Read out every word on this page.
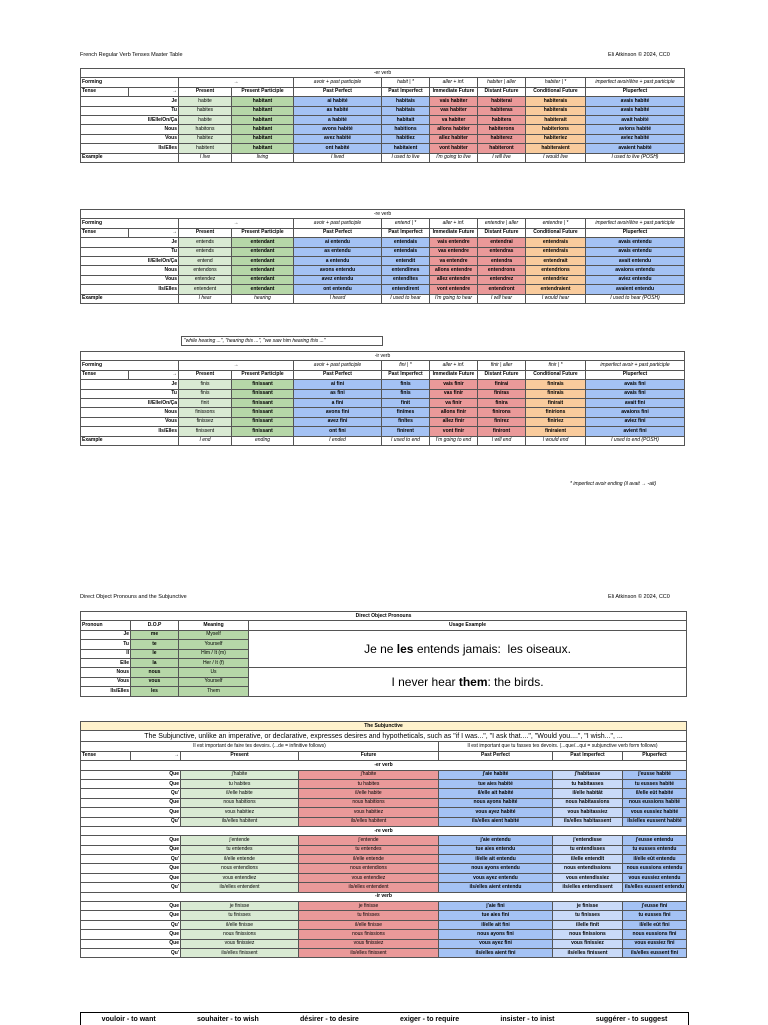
French Regular Verb Tenses Master Table	Eli Atkinson © 2024, CC0
-er verb									
Forming		→		avoir + past participle	habit | *	aller + inf.	habiter | aller	habiter | *	imperfect avoir/être + past participle
Tense	→	Present	Present Participle	Past Perfect	Past Imperfect	Immediate Future	Distant Future	Conditional Future	Pluperfect
Je		habite	habitant	ai habité	habitais	vais habiter	habiterai	habiterais	avais habité
Tu		habites	habitant	as habité	habitais	vas habiter	habiteras	habiterais	avais habité
Il/Elle/On/Ça		habite	habitant	a habité	habitait	va habiter	habitera	habiterait	avait habité
Nous		habitons	habitant	avons habité	habitions	allons habiter	habiterons	habiterions	avions habité
Vous		habitez	habitant	avez habité	habitiez	allez habiter	habiterez	habiteriez	aviez habité
Ils/Elles		habitent	habitant	ont habité	habitaient	vont habiter	habiteront	habiteraient	avaient habité
Example		I live	living	I lived	I used to live	I'm going to live	I will live	I would live	I used to live (POSH)
-re verb									
Forming		→		avoir + past participle	entend | *	aller + inf.	entendre | aller	entendre | *	imperfect avoir/être + past participle
Tense	→	Present	Present Participle	Past Perfect	Past Imperfect	Immediate Future	Distant Future	Conditional Future	Pluperfect
Je		entends	entendant	ai entendu	entendais	vais entendre	entendrai	entendrais	avais entendu
Tu		entends	entendant	as entendu	entendais	vas entendre	entendras	entendrais	avais entendu
Il/Elle/On/Ça		entend	entendant	a entendu	entendit	va entendre	entendra	entendrait	avait entendu
Nous		entendons	entendant	avons entendu	entendîmes	allons entendre	entendrons	entendrions	avaions entendu
Vous		entendez	entendant	avez entendu	entendîtes	allez entendre	entendrez	entendriez	aviez entendu
Ils/Elles		entendent	entendant	ont entendu	entendirent	vont entendre	entendront	entendraient	avaient entendu
Example		I hear	hearing	I heard	I used to hear	I'm going to hear	I will hear	I would hear	I used to hear (POSH)
-ir verb									
Forming		→		avoir + past participle	fini | *	aller + inf.	finir | aller	finir | *	imperfect avoir + past participle
Tense	→	Present	Present Participle	Past Perfect	Past Imperfect	Immediate Future	Distant Future	Conditional Future	Pluperfect
Je		finis	finissant	ai fini	finis	vais finir	finirai	finirais	avais fini
Tu		finis	finissant	as fini	finis	vas finir	finiras	finirais	avais fini
Il/Elle/On/Ça		finit	finissant	a fini	finit	va finir	finira	finirait	avait fini
Nous		finissons	finissant	avons fini	finîmes	allons finir	finirons	finirions	avaions fini
Vous		finissez	finissant	avez fini	finîtes	allez finir	finirez	finiriez	aviez fini
Ils/Elles		finissent	finissant	ont fini	finirent	vont finir	finiront	finiraient	avient fini
Example		I end	ending	I ended	I used to end	I'm going to end	I will end	I would end	I used to end (POSH)
"while hearing ...", "hearing this ...", "we saw him hearing this ..."
* imperfect avoir ending (il avait → -ait)
Direct Object Pronouns and the Subjunctive	Eli Atkinson © 2024, CC0
Direct Object Pronouns			
Pronoun	D.O.P	Meaning	Usage Example
Je	me	Myself	Je ne les entends jamais:  les oiseaux.
Tu	te	Yourself	
Il	le	Him / It (m)	
Elle	la	Her / It (f)	
Nous	nous	Us	I never hear them: the birds.
Vous	vous	Yourself	
Ils/Elles	les	Them	
The Subjunctive						
The Subjunctive, unlike an imperative, or declarative, expresses desires and hypotheticals, such as "if I was...", "I ask that....", "Would you....", "I wish...", ...						
Il est important de faire tes devoirs. (...de = infinitive follows)				Il est important que tu fasses tes devoirs. (...que/...qui = subjunctive verb form follows)		
Tense	→	Present	Future	Past Perfect	Past Imperfect	Pluperfect
-er verb						
Que		j'habite	j'habite	j'aie habité	j'habitasse	j'eusse habité
Que		tu habites	tu habites	tue aies habité	tu habitasses	tu eusses habité
Qu'		il/elle habite	il/elle habite	il/elle ait habité	il/elle habitât	il/elle eût habité
Que		nous habitions	nous habitions	nous ayons habité	nous habitassions	nous eussions habité
Que		vous habitiez	vous habitiez	vous ayez habité	vous habitassiez	vous eussiez habité
Qu'		ils/elles habitent	ils/elles habitent	ils/elles aient habité	ils/elles habitassent	ils/elles eussent habité
-re verb						
Que		j'entende	j'entende	j'aie entendu	j'entendisse	j'eusse entendu
Que		tu entendes	tu entendes	tue aies entendu	tu entendisses	tu eusses entendu
Qu'		il/elle entende	il/elle entende	il/elle ait entendu	il/elle entendît	il/elle eût entendu
Que		nous entendions	nous entendions	nous ayons entendu	nous entendissions	nous eussions entendu
Que		vous entendiez	vous entendiez	vous ayez entendu	vous entendissiez	vous eussiez entendu
Qu'		ils/elles entendent	ils/elles entendent	ils/elles aient entendu	ils/elles entendissent	ils/elles eussent entendu
-ir verb						
Que		je finisse	je finisse	j'aie fini	je finisse	j'eusse fini
Que		tu finisses	tu finisses	tue aies fini	tu finisses	tu eusses fini
Qu'		il/elle finisse	il/elle finisse	il/elle ait fini	il/elle finît	il/elle eût fini
Que		nous finissions	nous finissions	nous ayons fini	nous finissions	nous eussions fini
Que		vous finissiez	vous finissiez	vous ayez fini	vous finissiez	vous eussiez fini
Qu'		ils/elles finissent	ils/elles finissent	ils/elles aient fini	ils/elles finissent	ils/elles eussent fini
vouloir - to want	souhaiter - to wish	désirer - to desire	exiger - to require	insister - to inist	suggérer - to suggest
